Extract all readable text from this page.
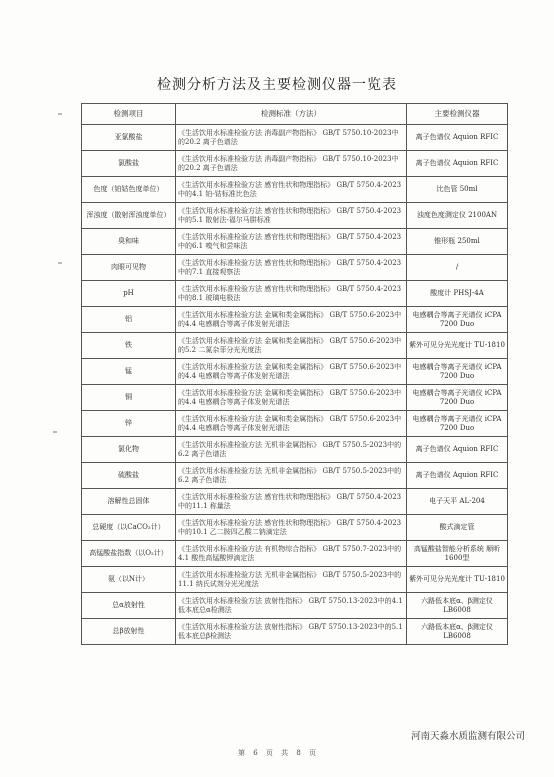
检测分析方法及主要检测仪器一览表
检测项目	检测标准（方法）	主要检测仪器
亚氯酸盐	《生活饮用水标准检验方法 消毒副产物指标》 GB/T 5750.10-2023中的20.2 离子色谱法	离子色谱仪 Aquion RFIC
氯酸盐	《生活饮用水标准检验方法 消毒副产物指标》 GB/T 5750.10-2023中的20.2 离子色谱法	离子色谱仪 Aquion RFIC
色度（铂钴色度单位）	《生活饮用水标准检验方法 感官性状和物理指标》 GB/T 5750.4-2023中的4.1 铂-钴标准比色法	比色管 50ml
浑浊度（散射浑浊度单位）	《生活饮用水标准检验方法 感官性状和物理指标》 GB/T 5750.4-2023中的5.1 散射法-福尔马肼标准	浊度色度测定仪 2100AN
臭和味	《生活饮用水标准检验方法 感官性状和物理指标》 GB/T 5750.4-2023中的6.1 嗅气和尝味法	锥形瓶 250ml
肉眼可见物	《生活饮用水标准检验方法 感官性状和物理指标》 GB/T 5750.4-2023中的7.1 直接观察法	/
pH	《生活饮用水标准检验方法 感官性状和物理指标》 GB/T 5750.4-2023中的8.1 玻璃电极法	酸度计 PHSJ-4A
铝	《生活饮用水标准检验方法 金属和类金属指标》 GB/T 5750.6-2023中的4.4 电感耦合等离子体发射光谱法	电感耦合等离子光谱仪 iCPA 7200 Duo
铁	《生活饮用水标准检验方法 金属和类金属指标》 GB/T 5750.6-2023中的5.2 二氮杂菲分光光度法	紫外可见分光光度计 TU-1810
锰	《生活饮用水标准检验方法 金属和类金属指标》 GB/T 5750.6-2023中的4.4 电感耦合等离子体发射光谱法	电感耦合等离子光谱仪 iCPA 7200 Duo
铜	《生活饮用水标准检验方法 金属和类金属指标》 GB/T 5750.6-2023中的4.4 电感耦合等离子体发射光谱法	电感耦合等离子光谱仪 iCPA 7200 Duo
锌	《生活饮用水标准检验方法 金属和类金属指标》 GB/T 5750.6-2023中的4.4 电感耦合等离子体发射光谱法	电感耦合等离子光谱仪 iCPA 7200 Duo
氯化物	《生活饮用水标准检验方法 无机非金属指标》 GB/T 5750.5-2023中的6.2 离子色谱法	离子色谱仪 Aquion RFIC
硫酸盐	《生活饮用水标准检验方法 无机非金属指标》 GB/T 5750.5-2023中的6.2 离子色谱法	离子色谱仪 Aquion RFIC
溶解性总固体	《生活饮用水标准检验方法 感官性状和物理指标》 GB/T 5750.4-2023中的11.1 称量法	电子天平 AL-204
总硬度（以CaCO₃计）	《生活饮用水标准检验方法 感官性状和物理指标》 GB/T 5750.4-2023中的10.1 乙二胺四乙酸二钠滴定法	酸式滴定管
高锰酸盐指数（以O₂计）	《生活饮用水标准检验方法 有机物综合指标》 GB/T 5750.7-2023中的4.1 酸性高锰酸钾滴定法	高锰酸盐智能分析系统 顺昕1600型
氨（以N计）	《生活饮用水标准检验方法 无机非金属指标》 GB/T 5750.5-2023中的11.1 纳氏试剂分光光度法	紫外可见分光光度计 TU-1810
总α放射性	《生活饮用水标准检验方法 放射性指标》 GB/T 5750.13-2023中的4.1 低本底总α检测法	六路低本底α、β测定仪 LB6008
总β放射性	《生活饮用水标准检验方法 放射性指标》 GB/T 5750.13-2023中的5.1 低本底总β检测法	六路低本底α、β测定仪 LB6008
河南天淼水质监测有限公司
第 6 页 共 8 页
